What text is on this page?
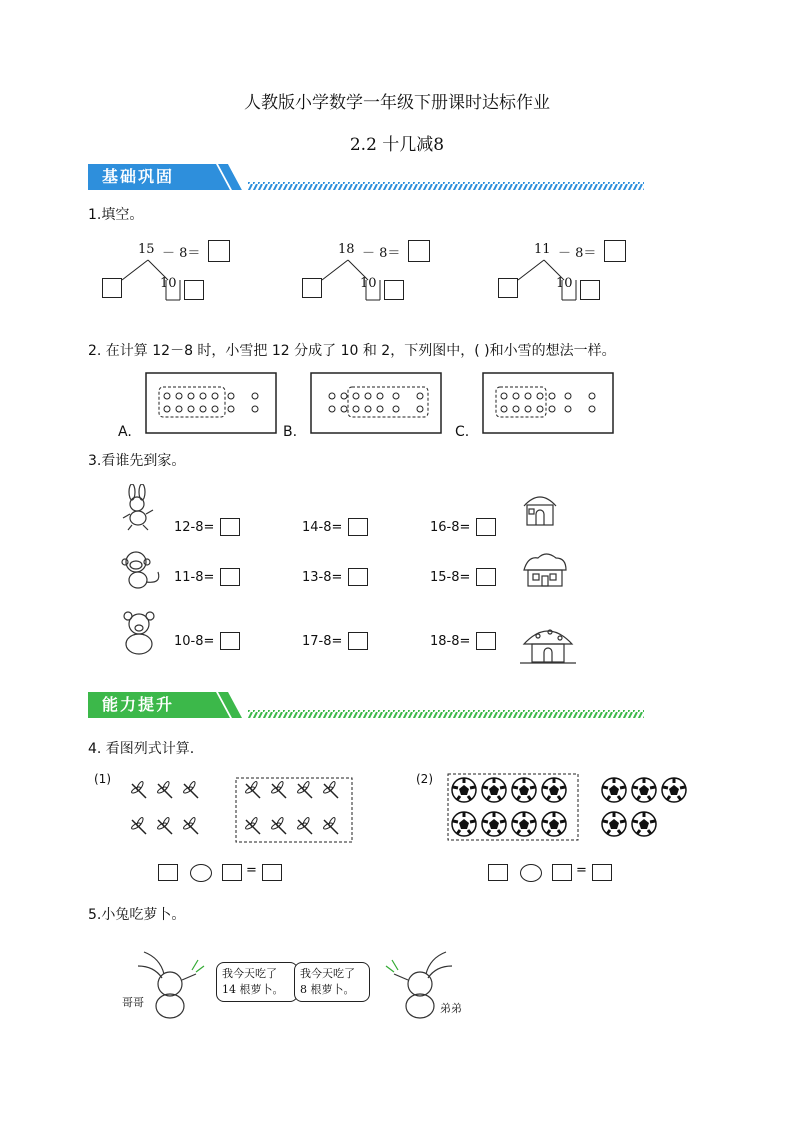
人教版小学数学一年级下册课时达标作业
2.2 十几减8
基础巩固
1.填空。
15 － 8＝
10
18 － 8＝
10
11 － 8＝
10
2. 在计算 12－8 时，小雪把 12 分成了 10 和 2，下列图中，( )和小雪的想法一样。
A.	B.	C.
3.看谁先到家。
12-8=	14-8=	16-8=
11-8=	13-8=	15-8=
10-8=	17-8=	18-8=
能力提升
4. 看图列式计算.
(1)	(2)
=	=
5.小兔吃萝卜。
哥哥
我今天吃了
14 根萝卜。
我今天吃了
8 根萝卜。
弟弟
